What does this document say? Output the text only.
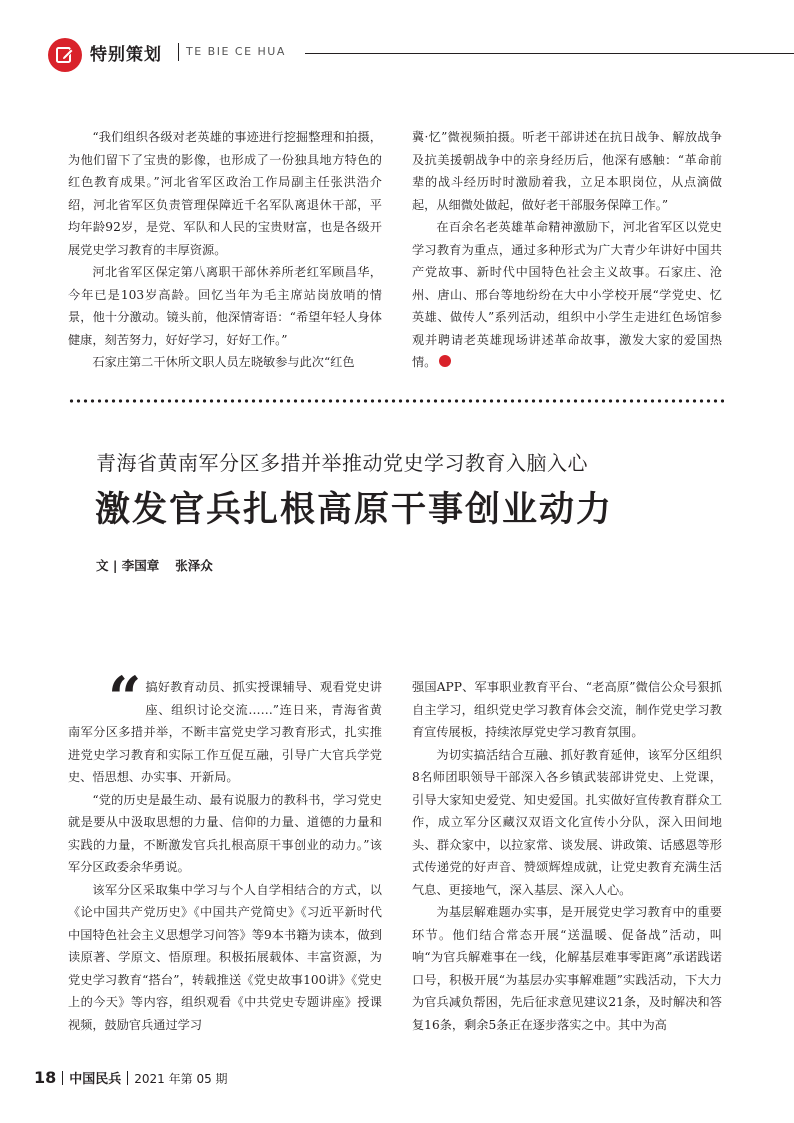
特别策划 TE BIE CE HUA

“我们组织各级对老英雄的事迹进行挖掘整理和拍摄，为他们留下了宝贵的影像，也形成了一份独具地方特色的红色教育成果。”河北省军区政治工作局副主任张洪浩介绍，河北省军区负责管理保障近千名军队离退休干部，平均年龄92岁，是党、军队和人民的宝贵财富，也是各级开展党史学习教育的丰厚资源。

河北省军区保定第八离职干部休养所老红军顾昌华，今年已是103岁高龄。回忆当年为毛主席站岗放哨的情景，他十分激动。镜头前，他深情寄语：“希望年轻人身体健康，刻苦努力，好好学习，好好工作。”

石家庄第二干休所文职人员左晓敏参与此次“红色

冀·忆”微视频拍摄。听老干部讲述在抗日战争、解放战争及抗美援朝战争中的亲身经历后，他深有感触：“革命前辈的战斗经历时时激励着我，立足本职岗位，从点滴做起，从细微处做起，做好老干部服务保障工作。”

在百余名老英雄革命精神激励下，河北省军区以党史学习教育为重点，通过多种形式为广大青少年讲好中国共产党故事、新时代中国特色社会主义故事。石家庄、沧州、唐山、邢台等地纷纷在大中小学校开展“学党史、忆英雄、做传人”系列活动，组织中小学生走进红色场馆参观并聘请老英雄现场讲述革命故事，激发大家的爱国热情。

青海省黄南军分区多措并举推动党史学习教育入脑入心
激发官兵扎根高原干事创业动力
文 | 李国章 张泽众

“ 搞好教育动员、抓实授课辅导、观看党史讲座、组织讨论交流……”连日来，青海省黄南军分区多措并举，不断丰富党史学习教育形式，扎实推进党史学习教育和实际工作互促互融，引导广大官兵学党史、悟思想、办实事、开新局。

“党的历史是最生动、最有说服力的教科书，学习党史就是要从中汲取思想的力量、信仰的力量、道德的力量和实践的力量，不断激发官兵扎根高原干事创业的动力。”该军分区政委余华勇说。

该军分区采取集中学习与个人自学相结合的方式，以《论中国共产党历史》《中国共产党简史》《习近平新时代中国特色社会主义思想学习问答》等9本书籍为读本，做到读原著、学原文、悟原理。积极拓展载体、丰富资源，为党史学习教育“搭台”，转载推送《党史故事100讲》《党史上的今天》等内容，组织观看《中共党史专题讲座》授课视频，鼓励官兵通过学习

强国APP、军事职业教育平台、“老高原”微信公众号狠抓自主学习，组织党史学习教育体会交流，制作党史学习教育宣传展板，持续浓厚党史学习教育氛围。

为切实搞活结合互融、抓好教育延伸，该军分区组织8名师团职领导干部深入各乡镇武装部讲党史、上党课，引导大家知史爱党、知史爱国。扎实做好宣传教育群众工作，成立军分区藏汉双语文化宣传小分队，深入田间地头、群众家中，以拉家常、谈发展、讲政策、话感恩等形式传递党的好声音、赞颂辉煌成就，让党史教育充满生活气息、更接地气，深入基层、深入人心。

为基层解难题办实事，是开展党史学习教育中的重要环节。他们结合常态开展“送温暖、促备战”活动，叫响“为官兵解难事在一线，化解基层难事零距离”承诺践诺口号，积极开展“为基层办实事解难题”实践活动，下大力为官兵减负帮困，先后征求意见建议21条，及时解决和答复16条，剩余5条正在逐步落实之中。其中为高

18 中国民兵 2021 年第 05 期
